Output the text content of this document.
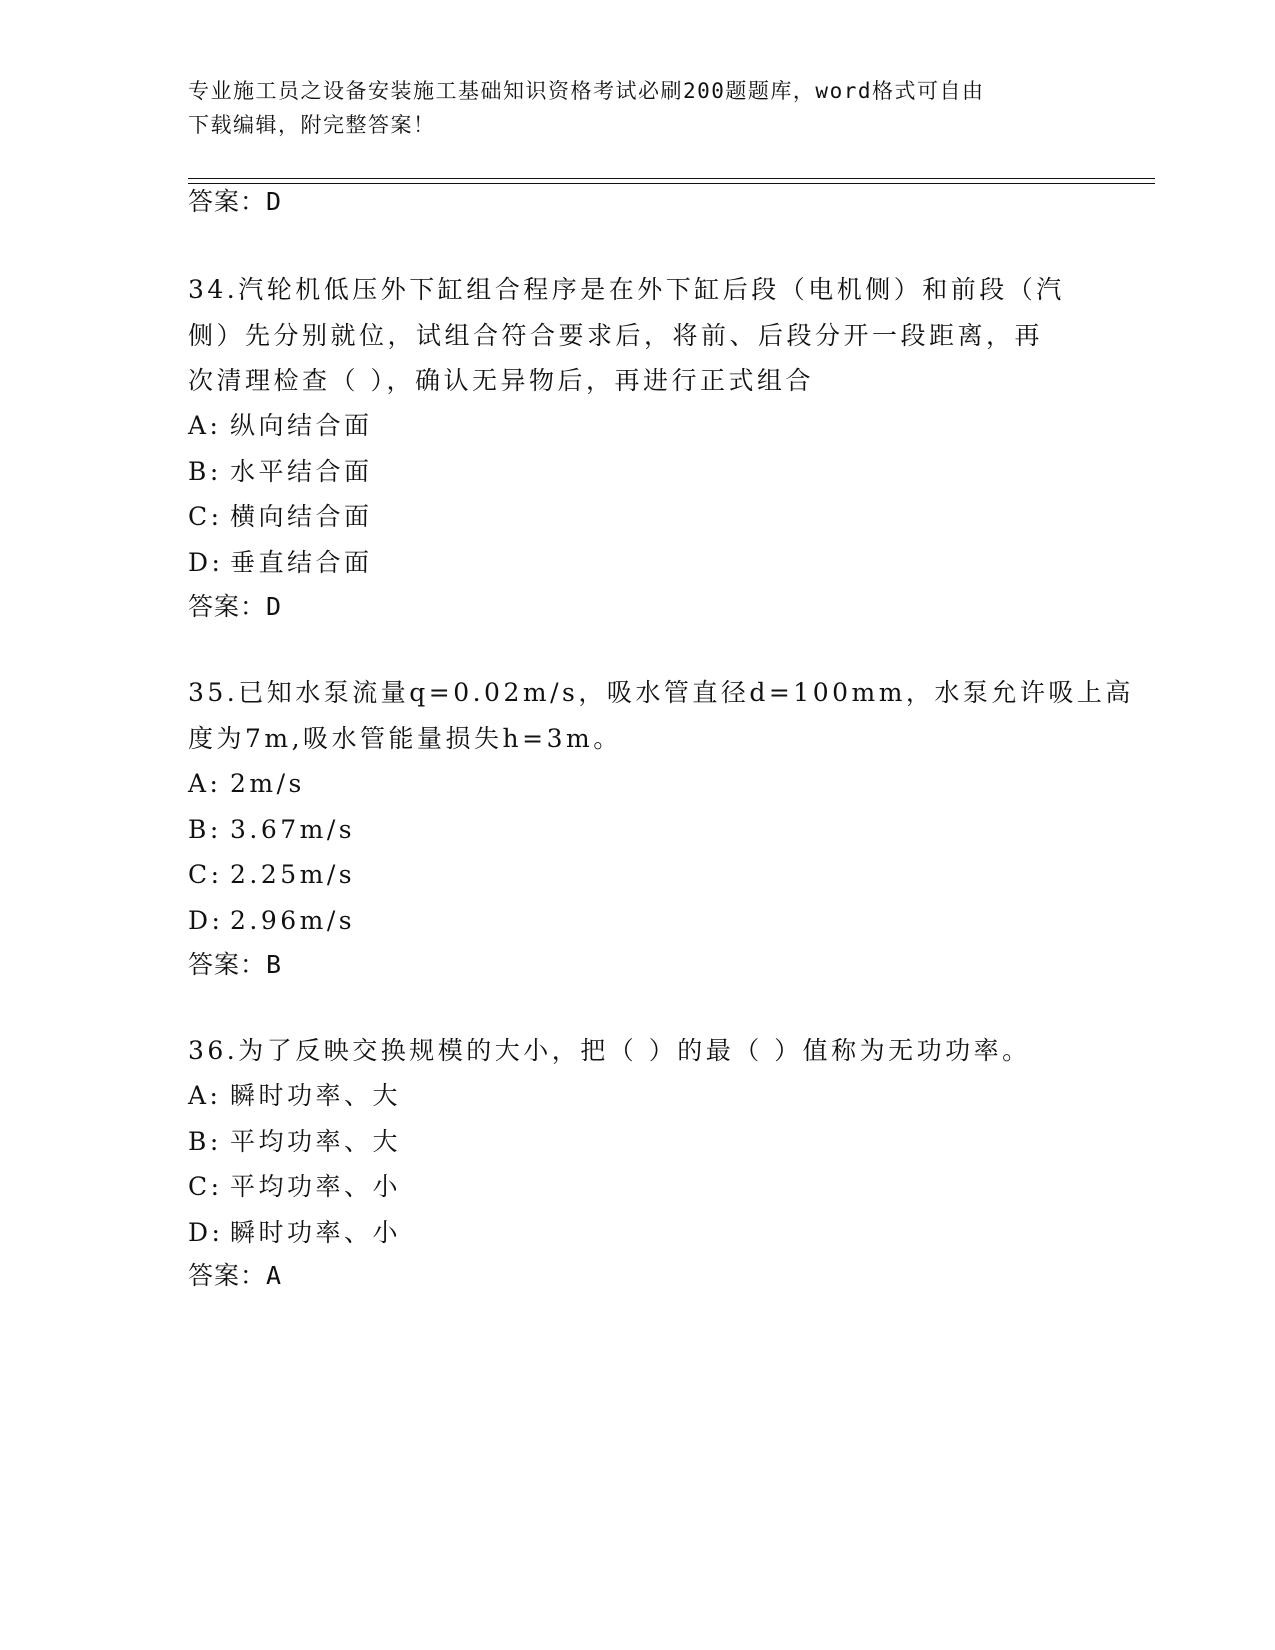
专业施工员之设备安装施工基础知识资格考试必刷200题题库，word格式可自由
下载编辑，附完整答案！
答案：D
34.汽轮机低压外下缸组合程序是在外下缸后段（电机侧）和前段（汽
侧）先分别就位，试组合符合要求后，将前、后段分开一段距离，再
次清理检查（ ），确认无异物后，再进行正式组合
A: 纵向结合面
B: 水平结合面
C: 横向结合面
D: 垂直结合面
答案：D
35.已知水泵流量q=0.02m/s，吸水管直径d=100mm，水泵允许吸上高
度为7m,吸水管能量损失h=3m。
A: 2m/s
B: 3.67m/s
C: 2.25m/s
D: 2.96m/s
答案：B
36.为了反映交换规模的大小，把（ ）的最（ ）值称为无功功率。
A: 瞬时功率、大
B: 平均功率、大
C: 平均功率、小
D: 瞬时功率、小
答案：A
